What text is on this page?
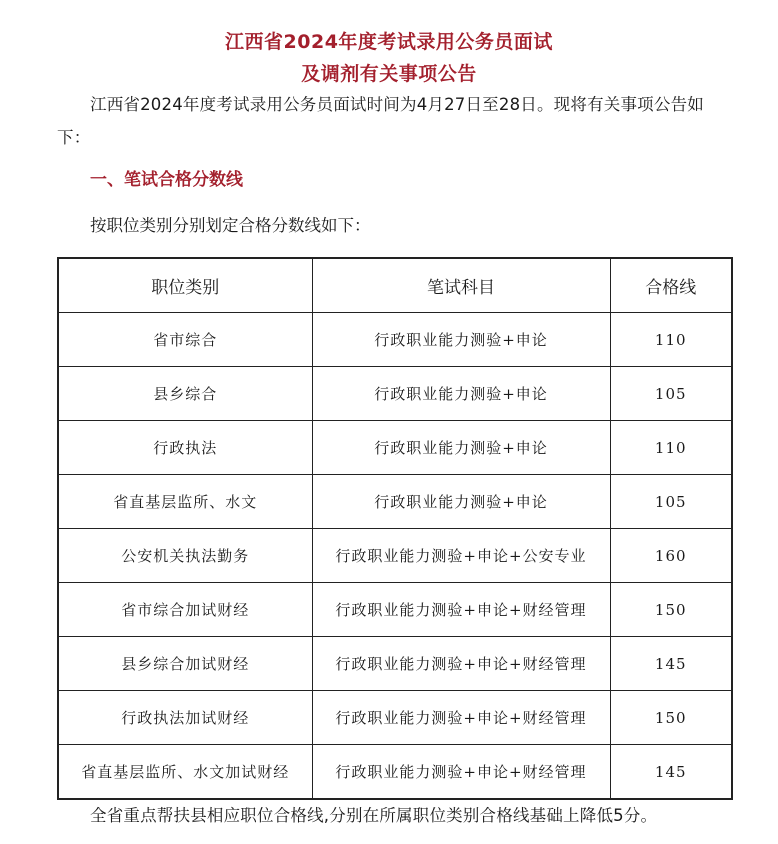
江西省2024年度考试录用公务员面试
及调剂有关事项公告
江西省2024年度考试录用公务员面试时间为4月27日至28日。现将有关事项公告如下：
一、笔试合格分数线
按职位类别分别划定合格分数线如下：
职位类别	笔试科目	合格线
省市综合	行政职业能力测验+申论	110
县乡综合	行政职业能力测验+申论	105
行政执法	行政职业能力测验+申论	110
省直基层监所、水文	行政职业能力测验+申论	105
公安机关执法勤务	行政职业能力测验+申论+公安专业	160
省市综合加试财经	行政职业能力测验+申论+财经管理	150
县乡综合加试财经	行政职业能力测验+申论+财经管理	145
行政执法加试财经	行政职业能力测验+申论+财经管理	150
省直基层监所、水文加试财经	行政职业能力测验+申论+财经管理	145
全省重点帮扶县相应职位合格线,分别在所属职位类别合格线基础上降低5分。
